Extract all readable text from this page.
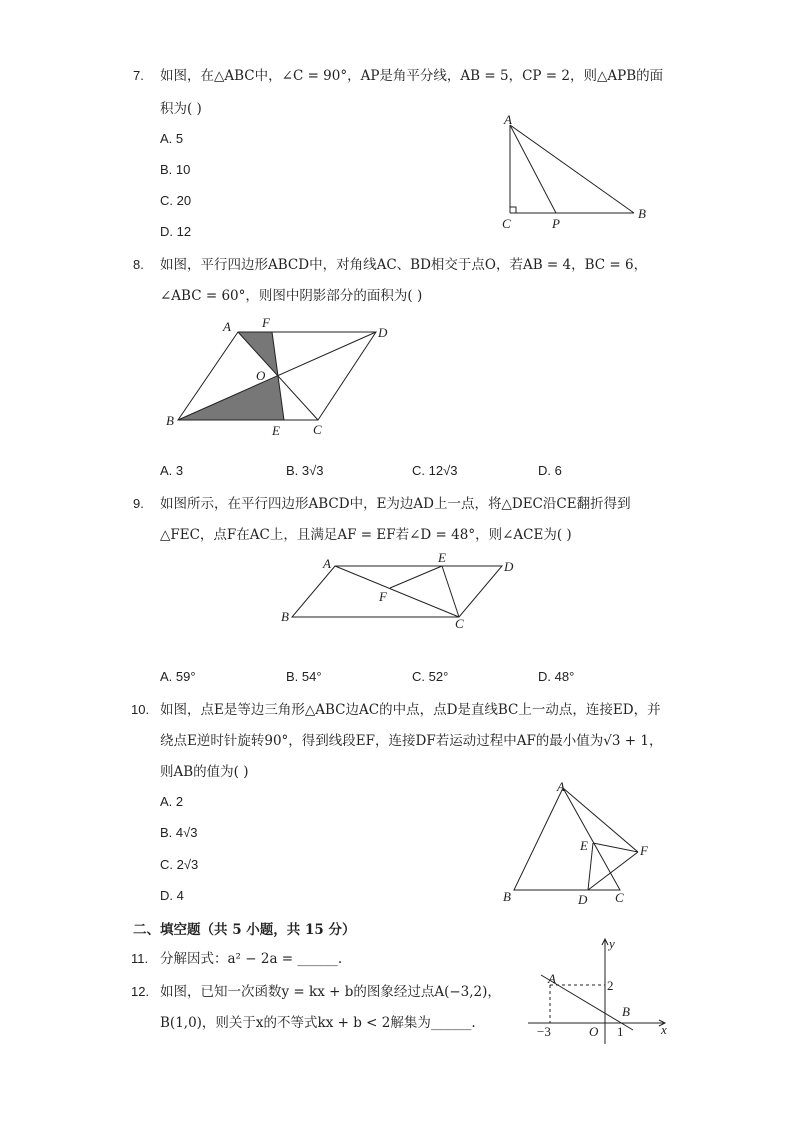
7. 如图，在△ABC中，∠C = 90°，AP是角平分线，AB = 5，CP = 2，则△APB的面
积为( )
A. 5
B. 10
C. 20
D. 12
A
C	P
B
8. 如图，平行四边形ABCD中，对角线AC、BD相交于点O，若AB = 4，BC = 6，
∠ABC = 60°，则图中阴影部分的面积为( )
A F
D
O
B
E	C
A. 3	B. 3√3	C. 12√3	D. 6
9. 如图所示，在平行四边形ABCD中，E为边AD上一点，将△DEC沿CE翻折得到
△FEC，点F在AC上，且满足AF = EF若∠D = 48°，则∠ACE为( )
A	E
D
F
B	C
A. 59°	B. 54°	C. 52°	D. 48°
10. 如图，点E是等边三角形△ABC边AC的中点，点D是直线BC上一动点，连接ED，并
绕点E逆时针旋转90°，得到线段EF，连接DF若运动过程中AF的最小值为√3 + 1，
则AB的值为( )
A. 2
B. 4√3
C. 2√3
D. 4
A
E	F
B	D C
二、填空题（共 5 小题，共 15 分）
11. 分解因式：a² − 2a = ______.
12. 如图，已知一次函数y = kx + b的图象经过点A(−3,2)，
B(1,0)，则关于x的不等式kx + b < 2解集为______.
y
A	2
B
−3	O 1	x
